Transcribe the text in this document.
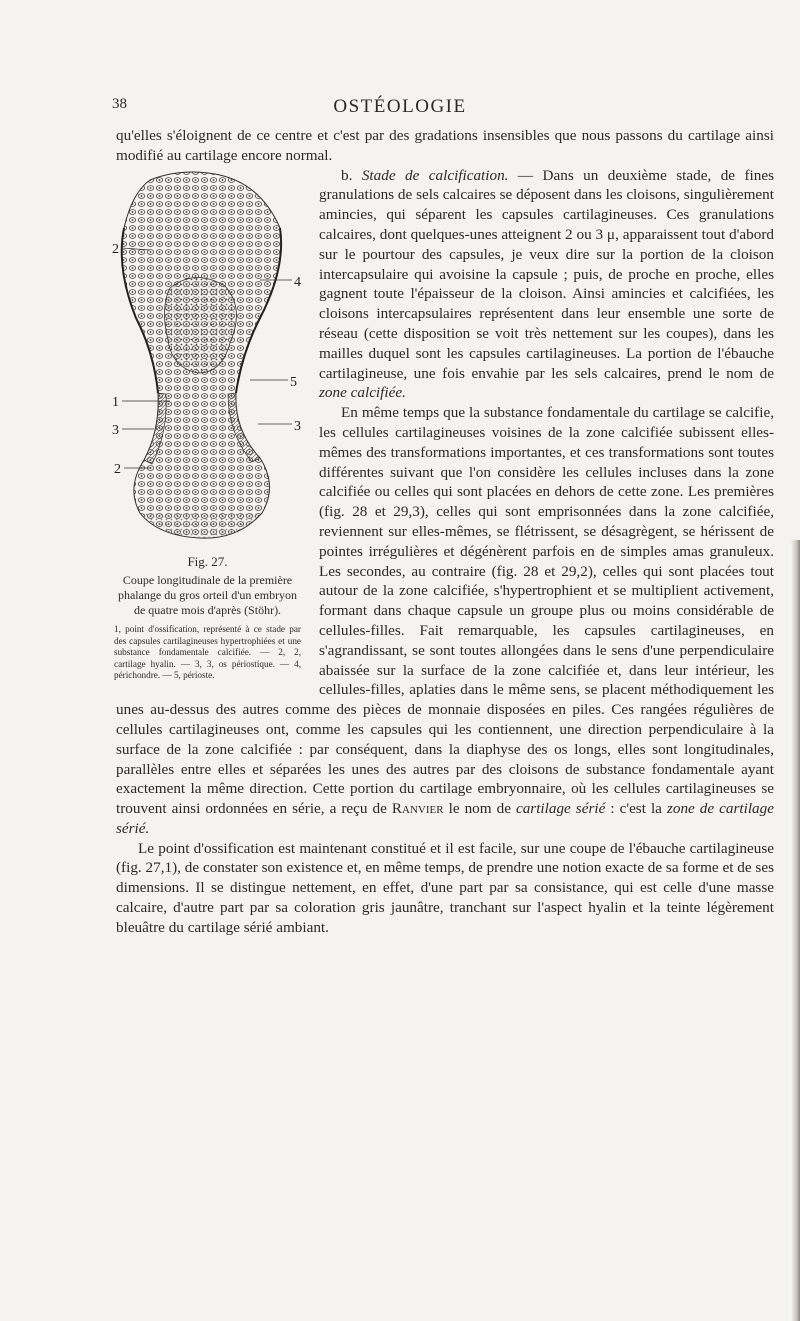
38	OSTÉOLOGIE

qu'elles s'éloignent de ce centre et c'est par des gradations insensibles que nous passons du cartilage ainsi modifié au cartilage encore normal.

2
4
5
1
3	3
2
Fig. 27.
Coupe longitudinale de la première phalange du gros orteil d'un embryon de quatre mois d'après (Stöhr).
1, point d'ossification, représenté à ce stade par des capsules cartilagineuses hypertrophiées et une substance fondamentale calcifiée. — 2, 2, cartilage hyalin. — 3, 3, os périostique. — 4, périchondre. — 5, périoste.

b. Stade de calcification. — Dans un deuxième stade, de fines granulations de sels calcaires se déposent dans les cloisons, singulièrement amincies, qui séparent les capsules cartilagineuses. Ces granulations calcaires, dont quelques-unes atteignent 2 ou 3 μ, apparaissent tout d'abord sur le pourtour des capsules, je veux dire sur la portion de la cloison intercapsulaire qui avoisine la capsule ; puis, de proche en proche, elles gagnent toute l'épaisseur de la cloison. Ainsi amincies et calcifiées, les cloisons intercapsulaires représentent dans leur ensemble une sorte de réseau (cette disposition se voit très nettement sur les coupes), dans les mailles duquel sont les capsules cartilagineuses. La portion de l'ébauche cartilagineuse, une fois envahie par les sels calcaires, prend le nom de zone calcifiée.

En même temps que la substance fondamentale du cartilage se calcifie, les cellules cartilagineuses voisines de la zone calcifiée subissent elles-mêmes des transformations importantes, et ces transformations sont toutes différentes suivant que l'on considère les cellules incluses dans la zone calcifiée ou celles qui sont placées en dehors de cette zone. Les premières (fig. 28 et 29,3), celles qui sont emprisonnées dans la zone calcifiée, reviennent sur elles-mêmes, se flétrissent, se désagrègent, se hérissent de pointes irrégulières et dégénèrent parfois en de simples amas granuleux. Les secondes, au contraire (fig. 28 et 29,2), celles qui sont placées tout autour de la zone calcifiée, s'hypertrophient et se multiplient activement, formant dans chaque capsule un groupe plus ou moins considérable de cellules-filles. Fait remarquable, les capsules cartilagineuses, en s'agrandissant, se sont toutes allongées dans le sens d'une perpendiculaire abaissée sur la surface de la zone calcifiée et, dans leur intérieur, les cellules-filles, aplaties dans le même sens, se placent méthodiquement les unes au-dessus des autres comme des pièces de monnaie disposées en piles. Ces rangées régulières de cellules cartilagineuses ont, comme les capsules qui les contiennent, une direction perpendiculaire à la surface de la zone calcifiée : par conséquent, dans la diaphyse des os longs, elles sont longitudinales, parallèles entre elles et séparées les unes des autres par des cloisons de substance fondamentale ayant exactement la même direction. Cette portion du cartilage embryonnaire, où les cellules cartilagineuses se trouvent ainsi ordonnées en série, a reçu de Ranvier le nom de cartilage sérié : c'est la zone de cartilage sérié.

Le point d'ossification est maintenant constitué et il est facile, sur une coupe de l'ébauche cartilagineuse (fig. 27,1), de constater son existence et, en même temps, de prendre une notion exacte de sa forme et de ses dimensions. Il se distingue nettement, en effet, d'une part par sa consistance, qui est celle d'une masse calcaire, d'autre part par sa coloration gris jaunâtre, tranchant sur l'aspect hyalin et la teinte légèrement bleuâtre du cartilage sérié ambiant.
